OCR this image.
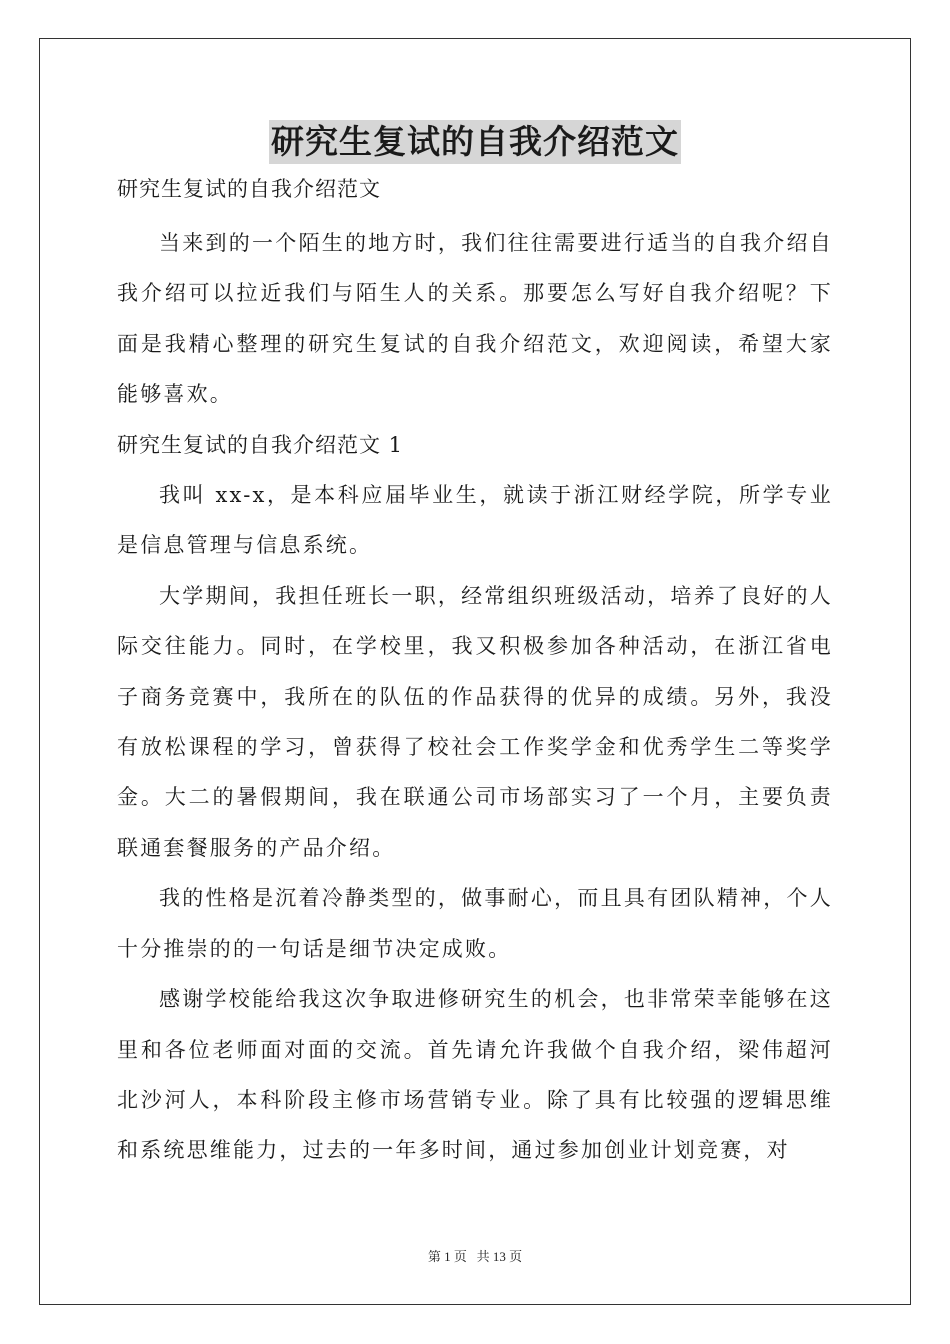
研究生复试的自我介绍范文

研究生复试的自我介绍范文

当来到的一个陌生的地方时，我们往往需要进行适当的自我介绍自我介绍可以拉近我们与陌生人的关系。那要怎么写好自我介绍呢？下面是我精心整理的研究生复试的自我介绍范文，欢迎阅读，希望大家能够喜欢。

研究生复试的自我介绍范文 1

我叫 xx-x，是本科应届毕业生，就读于浙江财经学院，所学专业是信息管理与信息系统。

大学期间，我担任班长一职，经常组织班级活动，培养了良好的人际交往能力。同时，在学校里，我又积极参加各种活动，在浙江省电子商务竞赛中，我所在的队伍的作品获得的优异的成绩。另外，我没有放松课程的学习，曾获得了校社会工作奖学金和优秀学生二等奖学金。大二的暑假期间，我在联通公司市场部实习了一个月，主要负责联通套餐服务的产品介绍。

我的性格是沉着冷静类型的，做事耐心，而且具有团队精神，个人十分推崇的的一句话是细节决定成败。

感谢学校能给我这次争取进修研究生的机会，也非常荣幸能够在这里和各位老师面对面的交流。首先请允许我做个自我介绍，梁伟超河北沙河人，本科阶段主修市场营销专业。除了具有比较强的逻辑思维和系统思维能力，过去的一年多时间，通过参加创业计划竞赛，对

第 1 页 共 13 页
